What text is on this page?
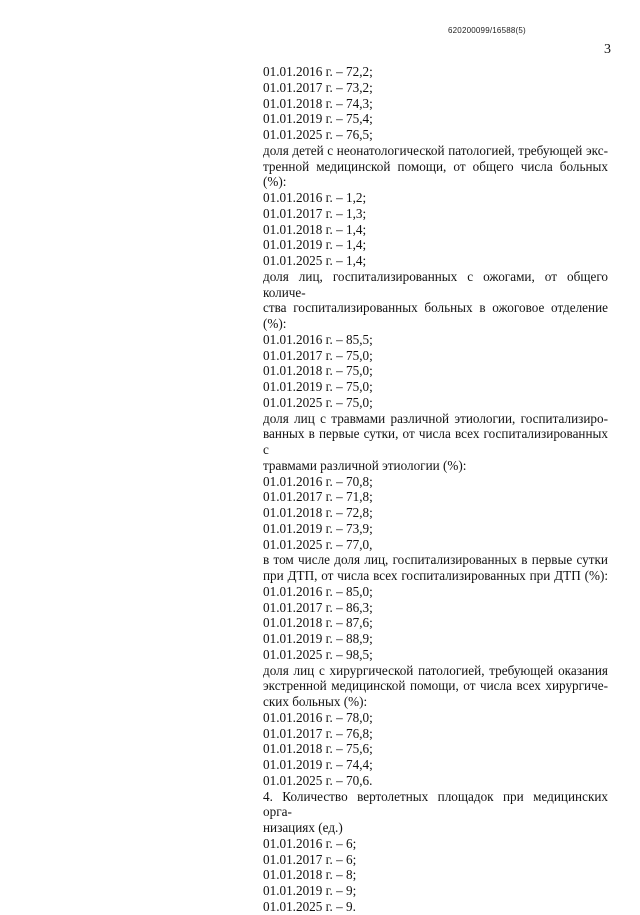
620200099/16588(5)
3
01.01.2016 г. – 72,2;
01.01.2017 г. – 73,2;
01.01.2018 г. – 74,3;
01.01.2019 г. – 75,4;
01.01.2025 г. – 76,5;
доля детей с неонатологической патологией, требующей экс-
тренной медицинской помощи, от общего числа больных (%):
01.01.2016 г. – 1,2;
01.01.2017 г. – 1,3;
01.01.2018 г. – 1,4;
01.01.2019 г. – 1,4;
01.01.2025 г. – 1,4;
доля лиц, госпитализированных с ожогами, от общего количе-
ства госпитализированных больных в ожоговое отделение
(%):
01.01.2016 г. – 85,5;
01.01.2017 г. – 75,0;
01.01.2018 г. – 75,0;
01.01.2019 г. – 75,0;
01.01.2025 г. – 75,0;
доля лиц с травмами различной этиологии, госпитализиро-
ванных в первые сутки, от числа всех госпитализированных с
травмами различной этиологии (%):
01.01.2016 г. – 70,8;
01.01.2017 г. – 71,8;
01.01.2018 г. – 72,8;
01.01.2019 г. – 73,9;
01.01.2025 г. – 77,0,
в том числе доля лиц, госпитализированных в первые сутки
при ДТП, от числа всех госпитализированных при ДТП (%):
01.01.2016 г. – 85,0;
01.01.2017 г. – 86,3;
01.01.2018 г. – 87,6;
01.01.2019 г. – 88,9;
01.01.2025 г. – 98,5;
доля лиц с хирургической патологией, требующей оказания
экстренной медицинской помощи, от числа всех хирургиче-
ских больных (%):
01.01.2016 г. – 78,0;
01.01.2017 г. – 76,8;
01.01.2018 г. – 75,6;
01.01.2019 г. – 74,4;
01.01.2025 г. – 70,6.
4. Количество вертолетных площадок при медицинских орга-
низациях (ед.)
01.01.2016 г. – 6;
01.01.2017 г. – 6;
01.01.2018 г. – 8;
01.01.2019 г. – 9;
01.01.2025 г. – 9.
